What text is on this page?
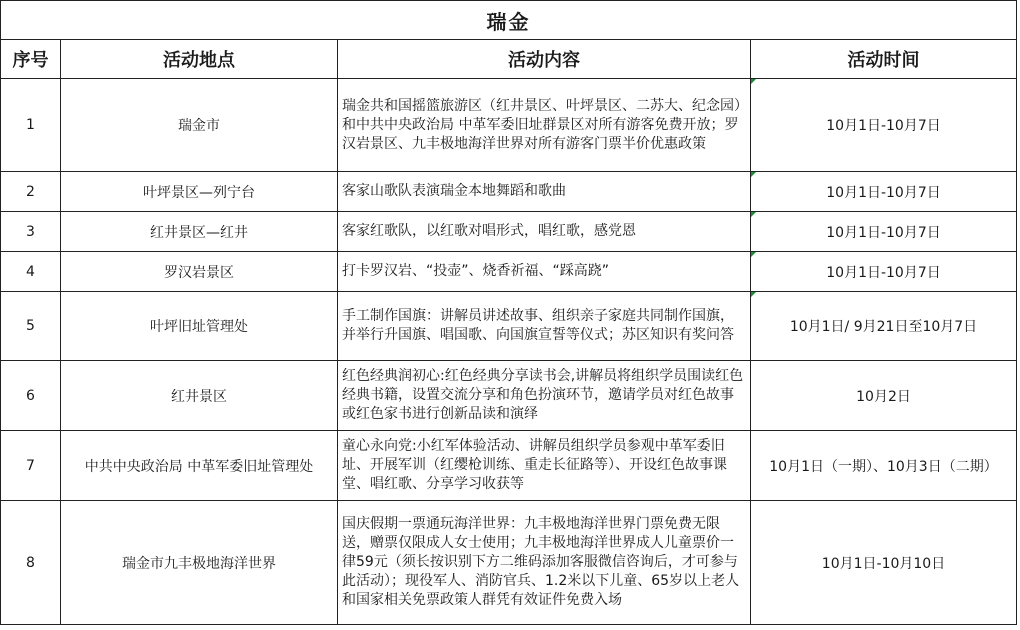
瑞金			
序号	活动地点	活动内容	活动时间
1	瑞金市	瑞金共和国摇篮旅游区（红井景区、叶坪景区、二苏大、纪念园）和中共中央政治局 中革军委旧址群景区对所有游客免费开放；罗汉岩景区、九丰极地海洋世界对所有游客门票半价优惠政策	10月1日-10月7日
2	叶坪景区—列宁台	客家山歌队表演瑞金本地舞蹈和歌曲	10月1日-10月7日
3	红井景区—红井	客家红歌队，以红歌对唱形式，唱红歌，感党恩	10月1日-10月7日
4	罗汉岩景区	打卡罗汉岩、“投壶”、烧香祈福、“踩高跷”	10月1日-10月7日
5	叶坪旧址管理处	手工制作国旗：讲解员讲述故事、组织亲子家庭共同制作国旗，并举行升国旗、唱国歌、向国旗宣誓等仪式；苏区知识有奖问答	10月1日/ 9月21日至10月7日
6	红井景区	红色经典润初心:红色经典分享读书会,讲解员将组织学员围读红色经典书籍，设置交流分享和角色扮演环节，邀请学员对红色故事或红色家书进行创新品读和演绎	10月2日
7	中共中央政治局 中革军委旧址管理处	童心永向党:小红军体验活动、讲解员组织学员参观中革军委旧址、开展军训（红缨枪训练、重走长征路等）、开设红色故事课堂、唱红歌、分享学习收获等	10月1日（一期）、10月3日（二期）
8	瑞金市九丰极地海洋世界	国庆假期一票通玩海洋世界：九丰极地海洋世界门票免费无限送，赠票仅限成人女士使用；九丰极地海洋世界成人儿童票价一律59元（须长按识别下方二维码添加客服微信咨询后，才可参与此活动）；现役军人、消防官兵、1.2米以下儿童、65岁以上老人和国家相关免票政策人群凭有效证件免费入场	10月1日-10月10日
